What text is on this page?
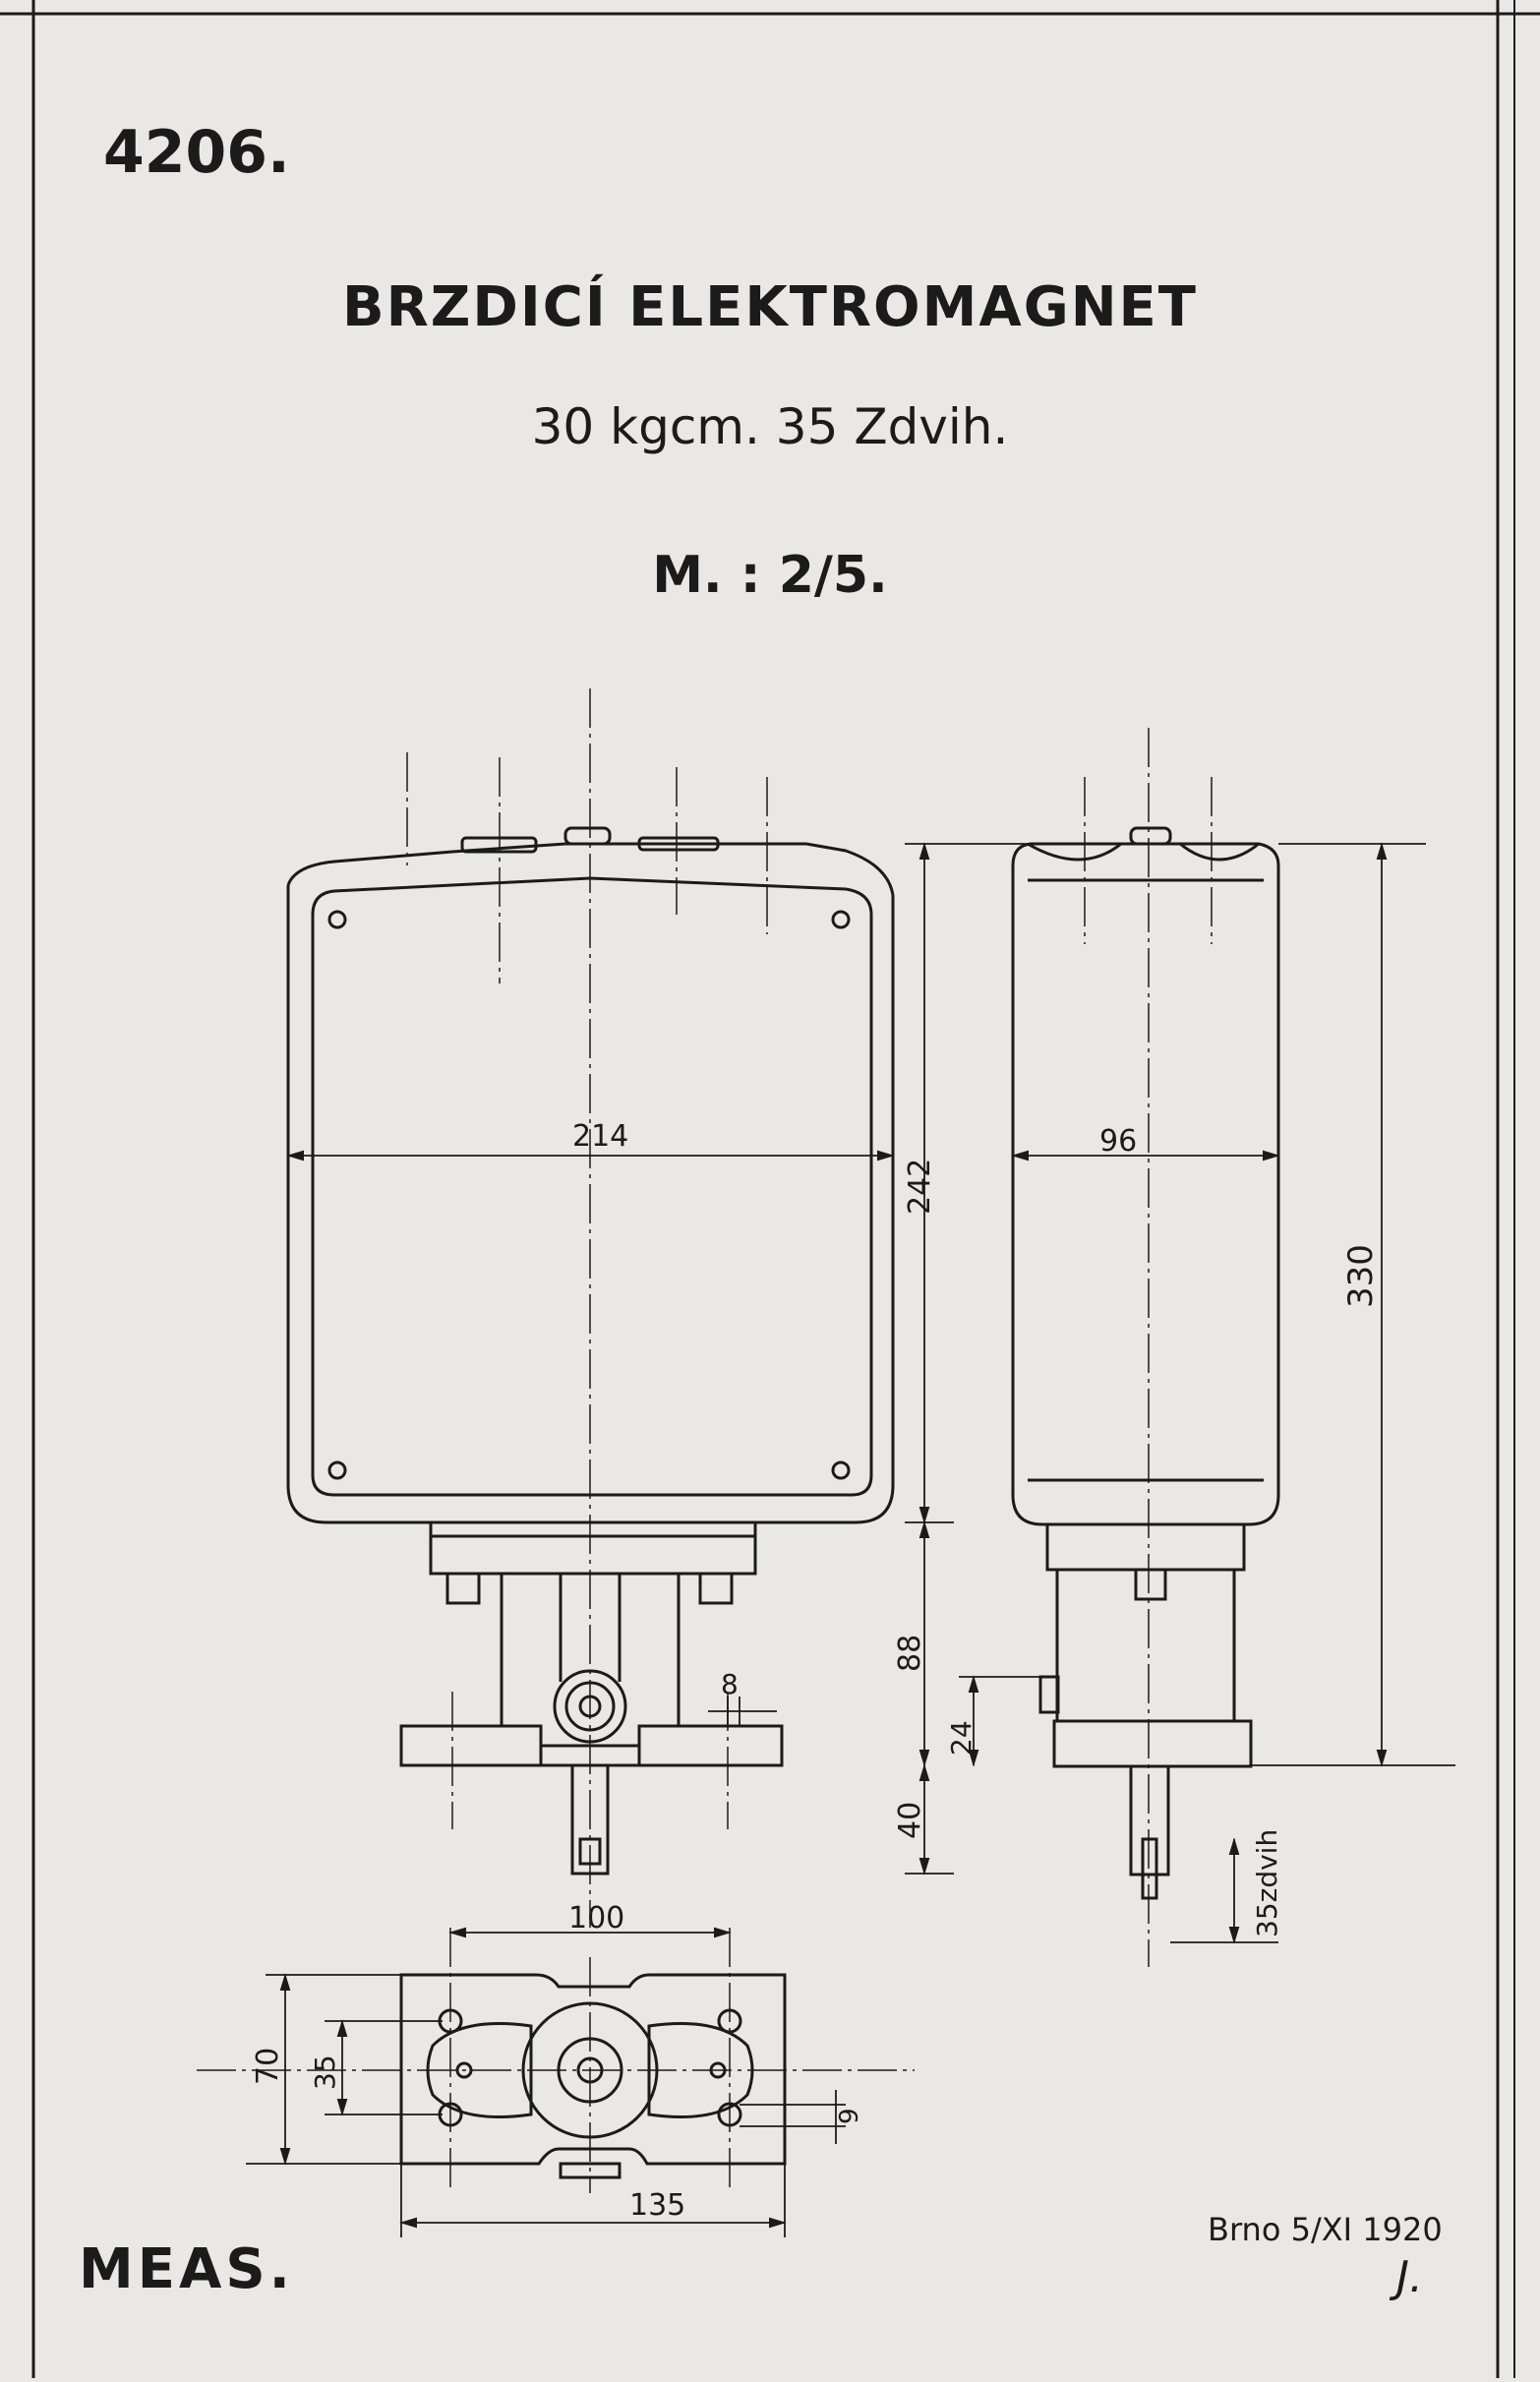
214
242
96
330
88
8
24
40
35zdvih
100
135
70 35
9
4206.
BRZDICÍ ELEKTROMAGNET
30 kgcm. 35 Zdvih.
M. : 2/5.
MEAS.
Brno 5/XI 1920
J.
